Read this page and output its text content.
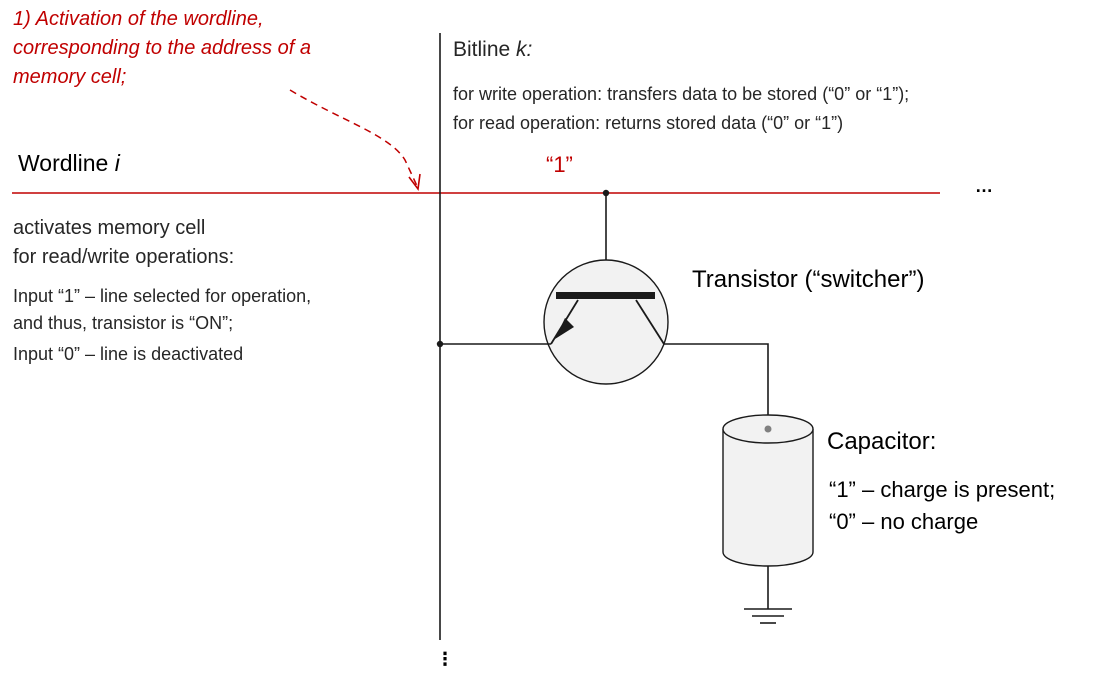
1) Activation of the wordline,
corresponding to the address of a
memory cell;
Bitline k:
for write operation: transfers data to be stored (“0” or “1”);
for read operation: returns stored data (“0” or “1”)
Wordline i	“1”
…
activates memory cell
for read/write operations:
Input “1” – line selected for operation,
and thus, transistor is “ON”;
Input “0” – line is deactivated
Transistor (“switcher”)
Capacitor:
“1” – charge is present;
“0” – no charge
⋮
